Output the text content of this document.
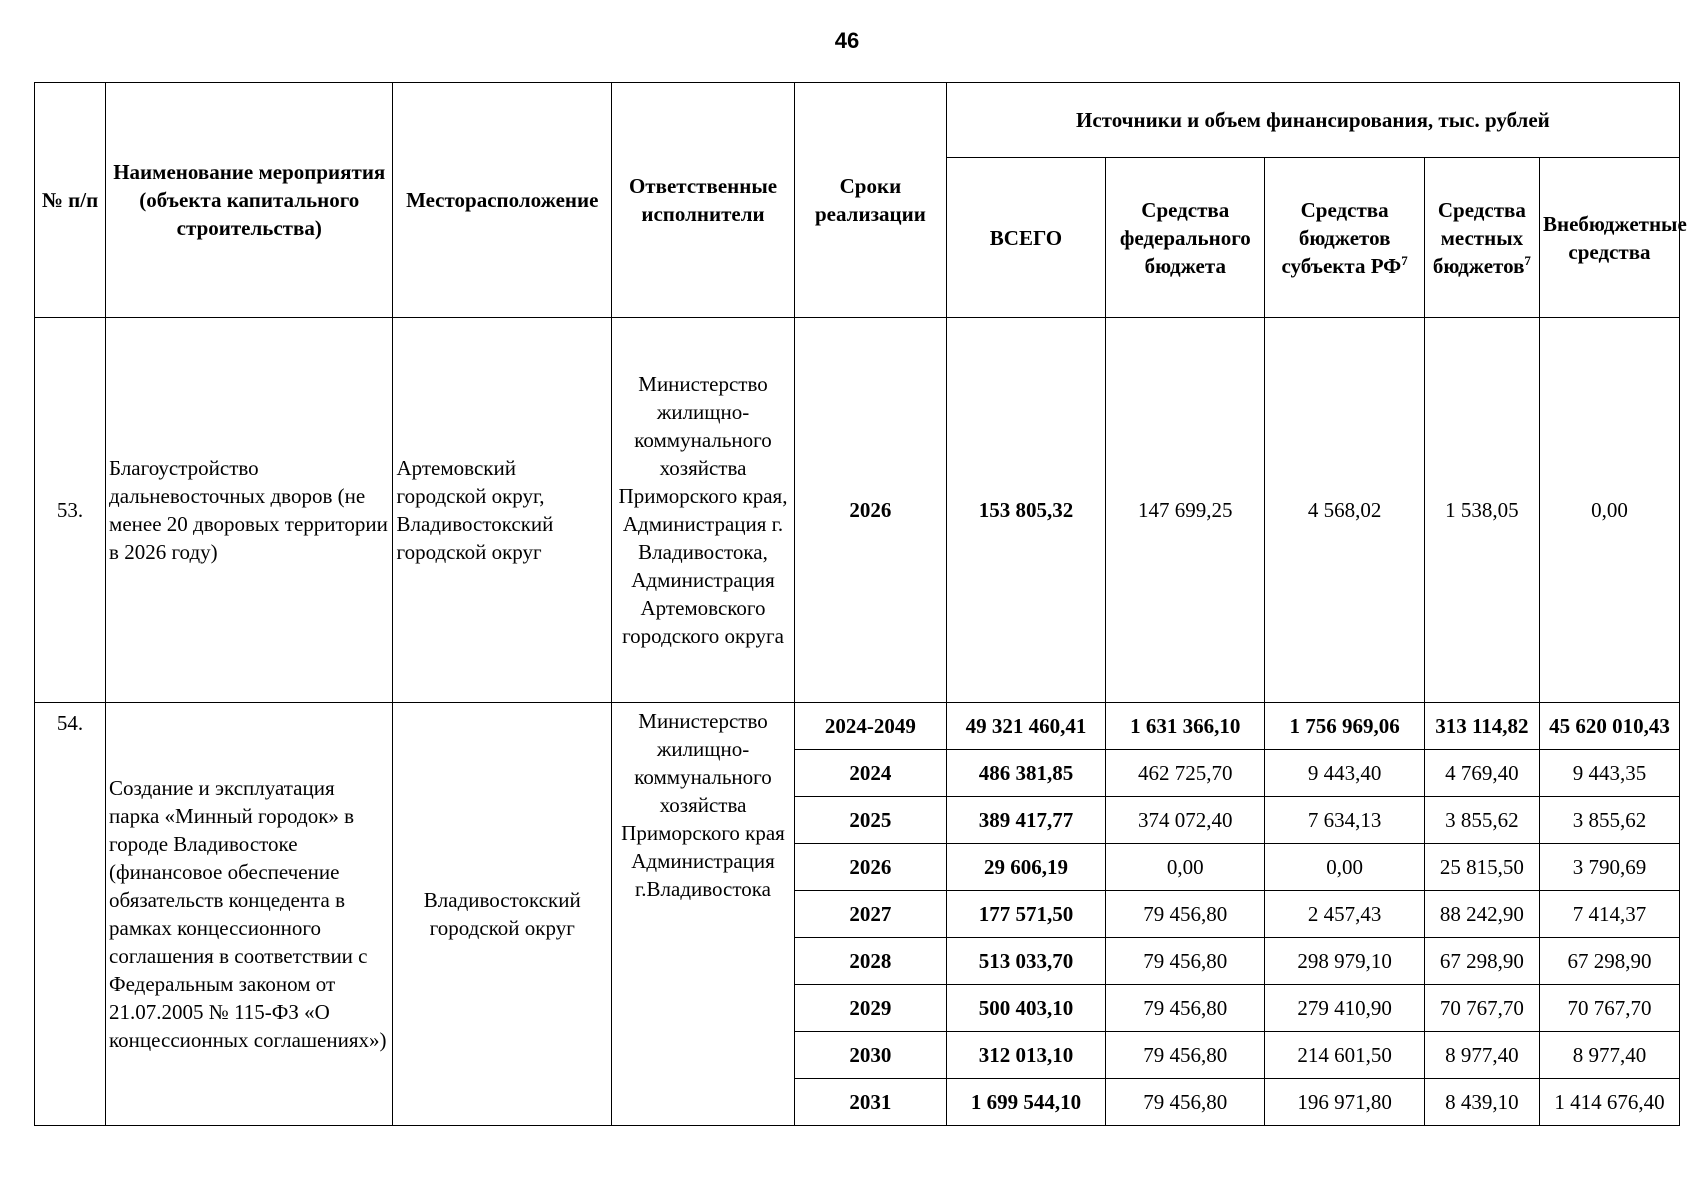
46
№ п/п	Наименование мероприятия (объекта капитального строительства)	Месторасположение	Ответственные исполнители	Сроки реализации	Источники и объем финансирования, тыс. рублей				
					ВСЕГО	Средства федерального бюджета	Средства бюджетов субъекта $РФ^7$	Средства местных бюджетов$^7$	Внебюджетные средства
53.	Благоустройство дальневосточных дворов (не менее 20 дворовых территории в 2026 году)	Артемовский городской округ, Владивостокский городской округ	Министерство жилищно-коммунального хозяйства Приморского края, Администрация г. Владивостока, Администрация Артемовского городского округа	2026	153 805,32	147 699,25	4 568,02	1 538,05	0,00
54.	Создание и эксплуатация парка «Минный городок» в городе Владивостоке (финансовое обеспечение обязательств концедента в рамках концессионного соглашения в соответствии с Федеральным законом от 21.07.2005 № 115-ФЗ «О концессионных соглашениях»)	Владивостокский городской округ	Министерство жилищно-коммунального хозяйства Приморского края Администрация г.Владивостока	2024-2049	49 321 460,41	1 631 366,10	1 756 969,06	313 114,82	45 620 010,43
				2024	486 381,85	462 725,70	9 443,40	4 769,40	9 443,35
				2025	389 417,77	374 072,40	7 634,13	3 855,62	3 855,62
				2026	29 606,19	0,00	0,00	25 815,50	3 790,69
				2027	177 571,50	79 456,80	2 457,43	88 242,90	7 414,37
				2028	513 033,70	79 456,80	298 979,10	67 298,90	67 298,90
				2029	500 403,10	79 456,80	279 410,90	70 767,70	70 767,70
				2030	312 013,10	79 456,80	214 601,50	8 977,40	8 977,40
				2031	1 699 544,10	79 456,80	196 971,80	8 439,10	1 414 676,40
